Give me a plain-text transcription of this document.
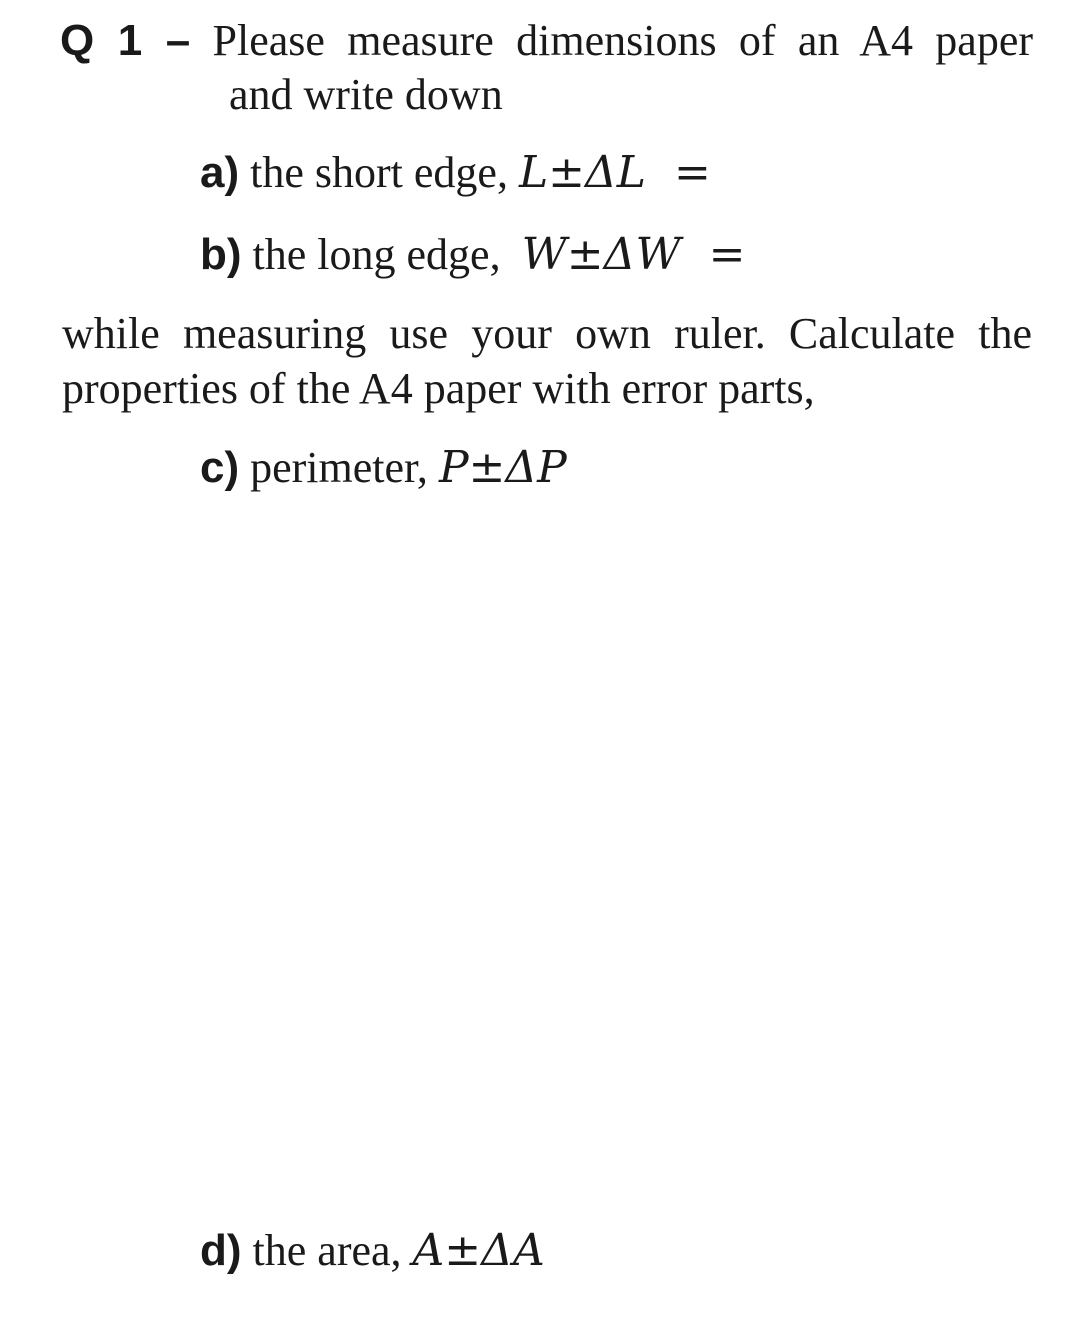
Q 1 – Please measure dimensions of an A4 paper
and write down
a) the short edge, L±ΔL =
b) the long edge, W±ΔW =
while measuring use your own ruler. Calculate the
properties of the A4 paper with error parts,
c) perimeter, P±ΔP
d) the area, A±ΔA
